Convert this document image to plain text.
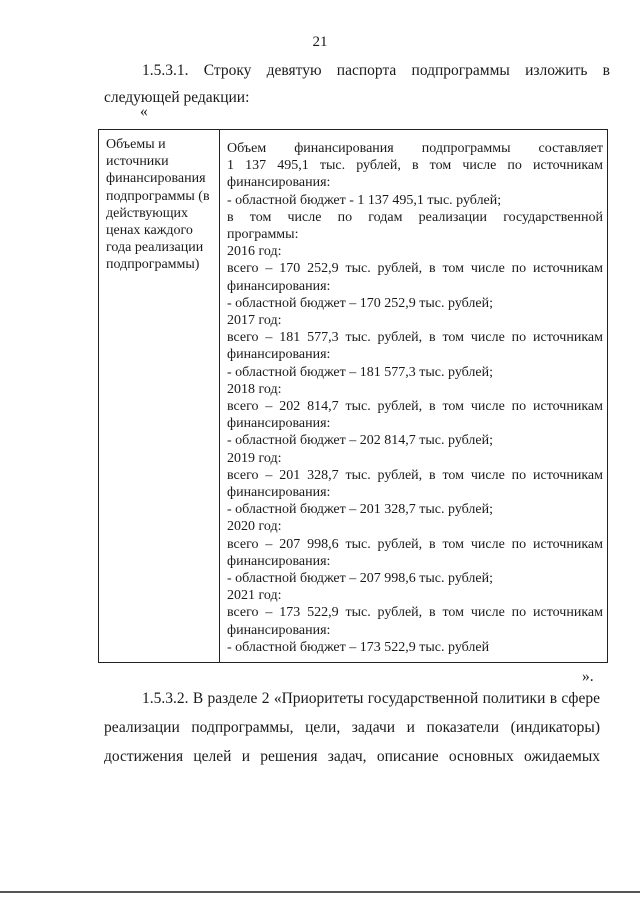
21
1.5.3.1. Строку девятую паспорта подпрограммы изложить в
следующей редакции:
«
Объемы и источники финансирования подпрограммы (в действующих ценах каждого года реализации подпрограммы)
Объем финансирования подпрограммы составляет
1 137 495,1 тыс. рублей, в том числе по источникам
финансирования:
- областной бюджет - 1 137 495,1 тыс. рублей;
в том числе по годам реализации государственной
программы:
2016 год:
всего – 170 252,9 тыс. рублей, в том числе по источникам
финансирования:
- областной бюджет – 170 252,9 тыс. рублей;
2017 год:
всего – 181 577,3 тыс. рублей, в том числе по источникам
финансирования:
- областной бюджет – 181 577,3 тыс. рублей;
2018 год:
всего – 202 814,7 тыс. рублей, в том числе по источникам
финансирования:
- областной бюджет – 202 814,7 тыс. рублей;
2019 год:
всего – 201 328,7 тыс. рублей, в том числе по источникам
финансирования:
- областной бюджет – 201 328,7 тыс. рублей;
2020 год:
всего – 207 998,6 тыс. рублей, в том числе по источникам
финансирования:
- областной бюджет – 207 998,6 тыс. рублей;
2021 год:
всего – 173 522,9 тыс. рублей, в том числе по источникам
финансирования:
- областной бюджет – 173 522,9 тыс. рублей
».
1.5.3.2. В разделе 2 «Приоритеты государственной политики в сфере
реализации подпрограммы, цели, задачи и показатели (индикаторы)
достижения целей и решения задач, описание основных ожидаемых
